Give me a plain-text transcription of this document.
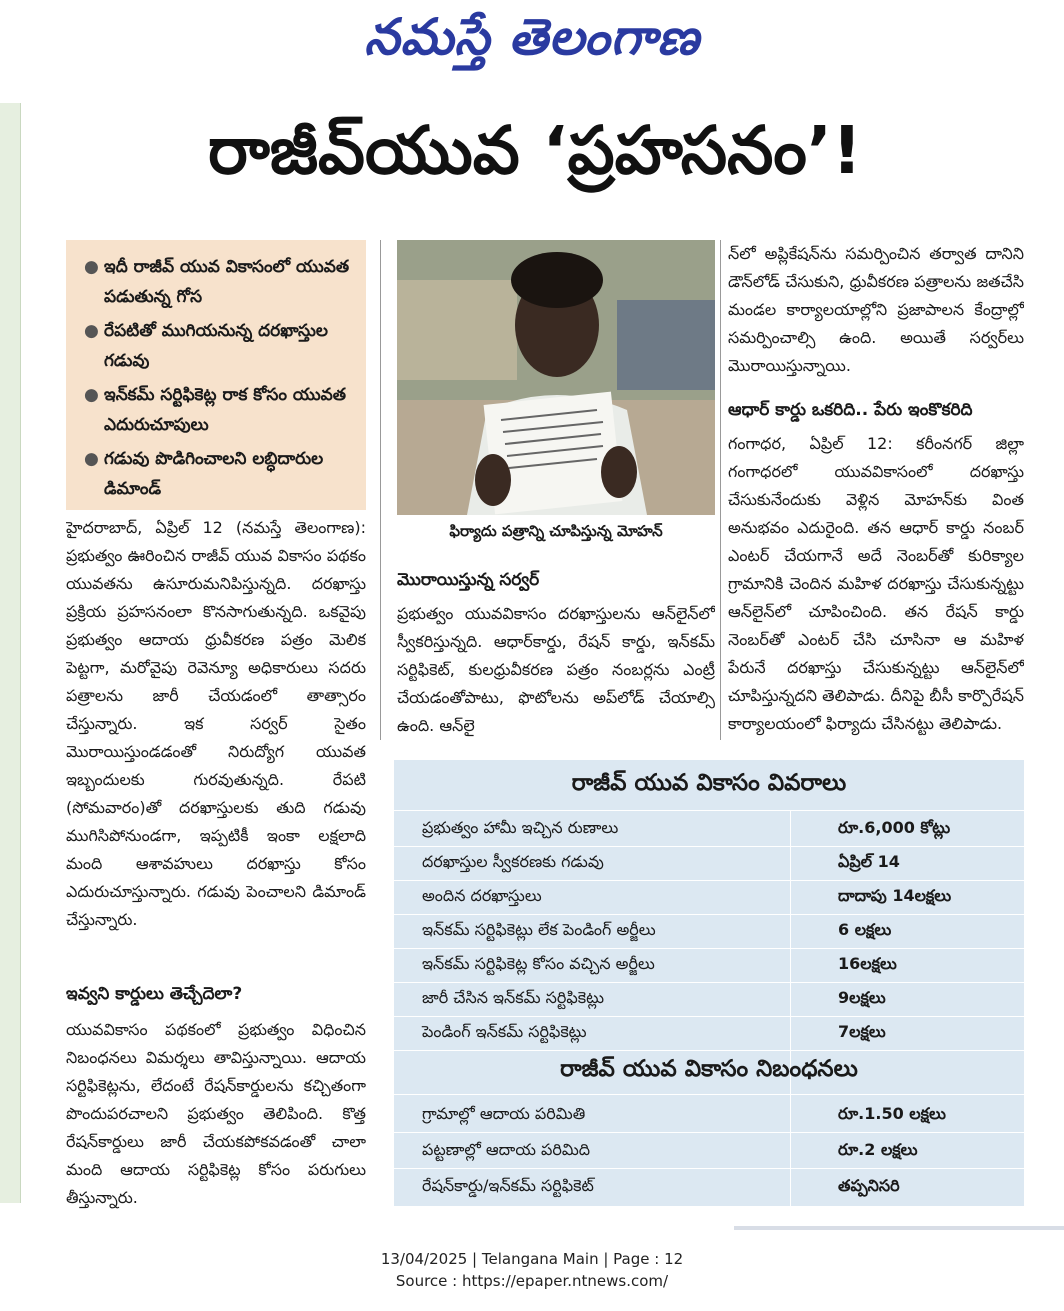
నమస్తే తెలంగాణ
రాజీవ్‌యువ ‘ప్రహసనం’!
● ఇదీ రాజీవ్ యువ వికాసంలో యువత పడుతున్న గోస
● రేపటితో ముగియనున్న దరఖాస్తుల గడువు
● ఇన్‌కమ్ సర్టిఫికెట్ల రాక కోసం యువత ఎదురుచూపులు
● గడువు పొడిగించాలని లబ్ధిదారుల డిమాండ్
హైదరాబాద్, ఏప్రిల్ 12 (నమస్తే తెలంగాణ): ప్రభుత్వం ఊరించిన రాజీవ్ యువ వికాసం పథకం యువతను ఉసూరుమనిపిస్తున్నది. దరఖాస్తు ప్రక్రియ ప్రహసనంలా కొనసాగుతున్నది. ఒకవైపు ప్రభుత్వం ఆదాయ ధ్రువీకరణ పత్రం మెలిక పెట్టగా, మరోవైపు రెవెన్యూ అధికారులు సదరు పత్రాలను జారీ చేయడంలో తాత్సారం చేస్తున్నారు. ఇక సర్వర్ సైతం మొరాయిస్తుండడంతో నిరుద్యోగ యువత ఇబ్బందులకు గురవుతున్నది. రేపటి (సోమవారం)తో దరఖాస్తులకు తుది గడువు ముగిసిపోనుండగా, ఇప్పటికీ ఇంకా లక్షలాది మంది ఆశావహులు దరఖాస్తు కోసం ఎదురుచూస్తున్నారు. గడువు పెంచాలని డిమాండ్ చేస్తున్నారు.
ఇవ్వని కార్డులు తెచ్చేదెలా?
యువవికాసం పథకంలో ప్రభుత్వం విధించిన నిబంధనలు విమర్శలు తావిస్తున్నాయి. ఆదాయ సర్టిఫికెట్లను, లేదంటే రేషన్‌కార్డులను కచ్చితంగా పొందుపరచాలని ప్రభుత్వం తెలిపింది. కొత్త రేషన్‌కార్డులు జారీ చేయకపోకవడంతో చాలా మంది ఆదాయ సర్టిఫికెట్ల కోసం పరుగులు తీస్తున్నారు.
ఫిర్యాదు పత్రాన్ని చూపిస్తున్న మోహన్
మొరాయిస్తున్న సర్వర్
ప్రభుత్వం యువవికాసం దరఖాస్తులను ఆన్‌లైన్‌లో స్వీకరిస్తున్నది. ఆధార్‌కార్డు, రేషన్ కార్డు, ఇన్‌కమ్ సర్టిఫికెట్, కులధ్రువీకరణ పత్రం నంబర్లను ఎంట్రీ చేయడంతోపాటు, ఫొటోలను అప్‌లోడ్ చేయాల్సి ఉంది. ఆన్‌లై
న్‌లో అప్లికేషన్‌ను సమర్పించిన తర్వాత దానిని డౌన్‌లోడ్ చేసుకుని, ధ్రువీకరణ పత్రాలను జతచేసి మండల కార్యాలయాల్లోని ప్రజాపాలన కేంద్రాల్లో సమర్పించాల్సి ఉంది. అయితే సర్వర్‌లు మొరాయిస్తున్నాయి.
ఆధార్ కార్డు ఒకరిది.. పేరు ఇంకొకరిది
గంగాధర, ఏప్రిల్ 12: కరీంనగర్ జిల్లా గంగాధరలో యువవికాసంలో దరఖాస్తు చేసుకునేందుకు వెళ్లిన మోహన్‌కు వింత అనుభవం ఎదురైంది. తన ఆధార్ కార్డు నంబర్ ఎంటర్ చేయగానే అదే నెంబర్‌తో కురిక్యాల గ్రామానికి చెందిన మహిళ దరఖాస్తు చేసుకున్నట్టు ఆన్‌లైన్‌లో చూపించింది. తన రేషన్ కార్డు నెంబర్‌తో ఎంటర్ చేసి చూసినా ఆ మహిళ పేరునే దరఖాస్తు చేసుకున్నట్టు ఆన్‌లైన్‌లో చూపిస్తున్నదని తెలిపాడు. దీనిపై బీసీ కార్పొరేషన్ కార్యాలయంలో ఫిర్యాదు చేసినట్టు తెలిపాడు.
రాజీవ్ యువ వికాసం వివరాలు
ప్రభుత్వం హామీ ఇచ్చిన రుణాలు	రూ.6,000 కోట్లు
దరఖాస్తుల స్వీకరణకు గడువు	ఏప్రిల్ 14
అందిన దరఖాస్తులు	దాదాపు 14లక్షలు
ఇన్‌కమ్ సర్టిఫికెట్లు లేక పెండింగ్ అర్జీలు	6 లక్షలు
ఇన్‌కమ్ సర్టిఫికెట్ల కోసం వచ్చిన అర్జీలు	16లక్షలు
జారీ చేసిన ఇన్‌కమ్ సర్టిఫికెట్లు	9లక్షలు
పెండింగ్ ఇన్‌కమ్ సర్టిఫికెట్లు	7లక్షలు
రాజీవ్ యువ వికాసం నిబంధనలు
గ్రామాల్లో ఆదాయ పరిమితి	రూ.1.50 లక్షలు
పట్టణాల్లో ఆదాయ పరిమిది	రూ.2 లక్షలు
రేషన్‌కార్డు/ఇన్‌కమ్ సర్టిఫికెట్	తప్పనిసరి
13/04/2025 | Telangana Main | Page : 12
Source : https://epaper.ntnews.com/
